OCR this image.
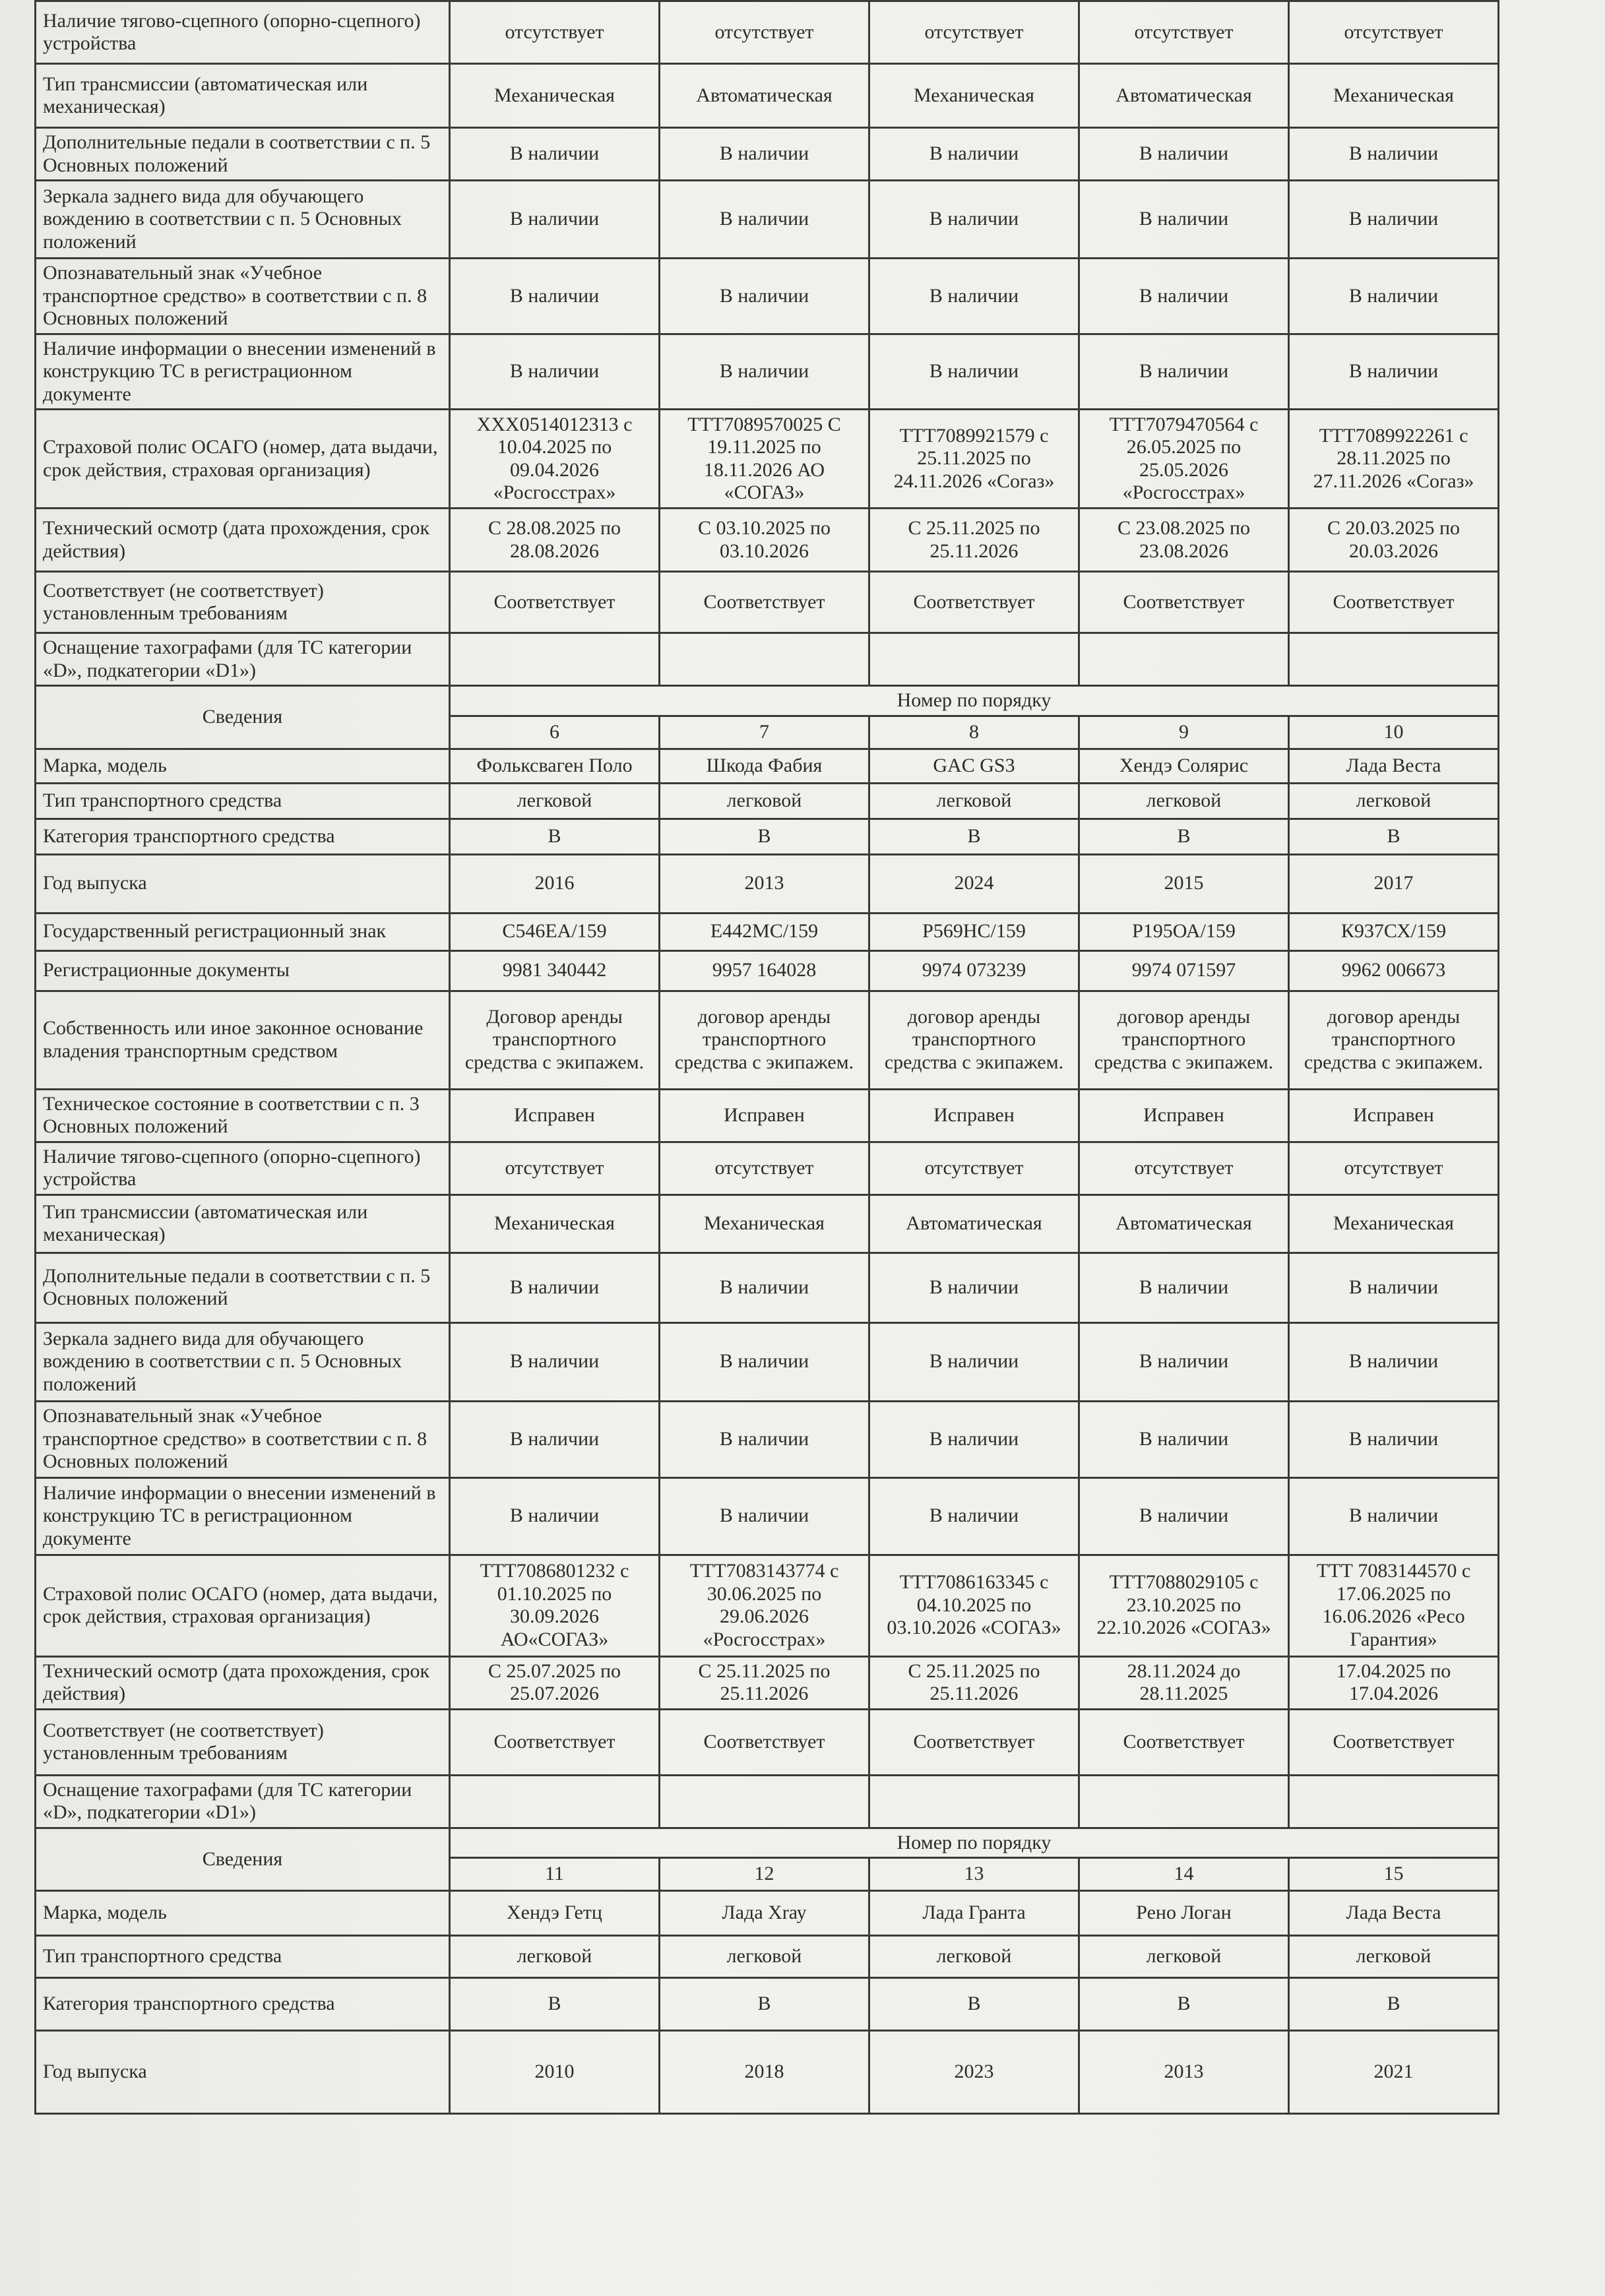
Наличие тягово-сцепного (опорно-сцепного) устройства	отсутствует	отсутствует	отсутствует	отсутствует	отсутствует
Тип трансмиссии (автоматическая или механическая)	Механическая	Автоматическая	Механическая	Автоматическая	Механическая
Дополнительные педали в соответствии с п. 5 Основных положений	В наличии	В наличии	В наличии	В наличии	В наличии
Зеркала заднего вида для обучающего вождению в соответствии с п. 5 Основных положений	В наличии	В наличии	В наличии	В наличии	В наличии
Опознавательный знак «Учебное транспортное средство» в соответствии с п. 8 Основных положений	В наличии	В наличии	В наличии	В наличии	В наличии
Наличие информации о внесении изменений в конструкцию ТС в регистрационном документе	В наличии	В наличии	В наличии	В наличии	В наличии
Страховой полис ОСАГО (номер, дата выдачи, срок действия, страховая организация)	ХХХ0514012313 с 10.04.2025 по 09.04.2026 «Росгосстрах»	ТТТ7089570025 С 19.11.2025 по 18.11.2026 АО «СОГАЗ»	ТТТ7089921579 с 25.11.2025 по 24.11.2026 «Согаз»	ТТТ7079470564 с 26.05.2025 по 25.05.2026 «Росгосстрах»	ТТТ7089922261 с 28.11.2025 по 27.11.2026 «Согаз»
Технический осмотр (дата прохождения, срок действия)	С 28.08.2025 по 28.08.2026	С 03.10.2025 по 03.10.2026	С 25.11.2025 по 25.11.2026	С 23.08.2025 по 23.08.2026	С 20.03.2025 по 20.03.2026
Соответствует (не соответствует) установленным требованиям	Соответствует	Соответствует	Соответствует	Соответствует	Соответствует
Оснащение тахографами (для ТС категории «D», подкатегории «D1»)					
Сведения	Номер по порядку				
	6	7	8	9	10
Марка, модель	Фольксваген Поло	Шкода Фабия	GAC GS3	Хендэ Солярис	Лада Веста
Тип транспортного средства	легковой	легковой	легковой	легковой	легковой
Категория транспортного средства	В	В	В	В	В
Год выпуска	2016	2013	2024	2015	2017
Государственный регистрационный знак	С546ЕА/159	Е442МС/159	Р569НС/159	Р195ОА/159	К937СХ/159
Регистрационные документы	9981 340442	9957 164028	9974 073239	9974 071597	9962 006673
Собственность или иное законное основание владения транспортным средством	Договор аренды транспортного средства с экипажем.	договор аренды транспортного средства с экипажем.	договор аренды транспортного средства с экипажем.	договор аренды транспортного средства с экипажем.	договор аренды транспортного средства с экипажем.
Техническое состояние в соответствии с п. 3 Основных положений	Исправен	Исправен	Исправен	Исправен	Исправен
Наличие тягово-сцепного (опорно-сцепного) устройства	отсутствует	отсутствует	отсутствует	отсутствует	отсутствует
Тип трансмиссии (автоматическая или механическая)	Механическая	Механическая	Автоматическая	Автоматическая	Механическая
Дополнительные педали в соответствии с п. 5 Основных положений	В наличии	В наличии	В наличии	В наличии	В наличии
Зеркала заднего вида для обучающего вождению в соответствии с п. 5 Основных положений	В наличии	В наличии	В наличии	В наличии	В наличии
Опознавательный знак «Учебное транспортное средство» в соответствии с п. 8 Основных положений	В наличии	В наличии	В наличии	В наличии	В наличии
Наличие информации о внесении изменений в конструкцию ТС в регистрационном документе	В наличии	В наличии	В наличии	В наличии	В наличии
Страховой полис ОСАГО (номер, дата выдачи, срок действия, страховая организация)	ТТТ7086801232 с 01.10.2025 по 30.09.2026 АО«СОГАЗ»	ТТТ7083143774 с 30.06.2025 по 29.06.2026 «Росгосстрах»	ТТТ7086163345 с 04.10.2025 по 03.10.2026 «СОГАЗ»	ТТТ7088029105 с 23.10.2025 по 22.10.2026 «СОГАЗ»	ТТТ 7083144570 с 17.06.2025 по 16.06.2026 «Ресо Гарантия»
Технический осмотр (дата прохождения, срок действия)	С 25.07.2025 по 25.07.2026	С 25.11.2025 по 25.11.2026	С 25.11.2025 по 25.11.2026	28.11.2024 до 28.11.2025	17.04.2025 по 17.04.2026
Соответствует (не соответствует) установленным требованиям	Соответствует	Соответствует	Соответствует	Соответствует	Соответствует
Оснащение тахографами (для ТС категории «D», подкатегории «D1»)					
Сведения	Номер по порядку				
	11	12	13	14	15
Марка, модель	Хендэ Гетц	Лада Хrау	Лада Гранта	Рено Логан	Лада Веста
Тип транспортного средства	легковой	легковой	легковой	легковой	легковой
Категория транспортного средства	В	В	В	В	В
Год выпуска	2010	2018	2023	2013	2021
